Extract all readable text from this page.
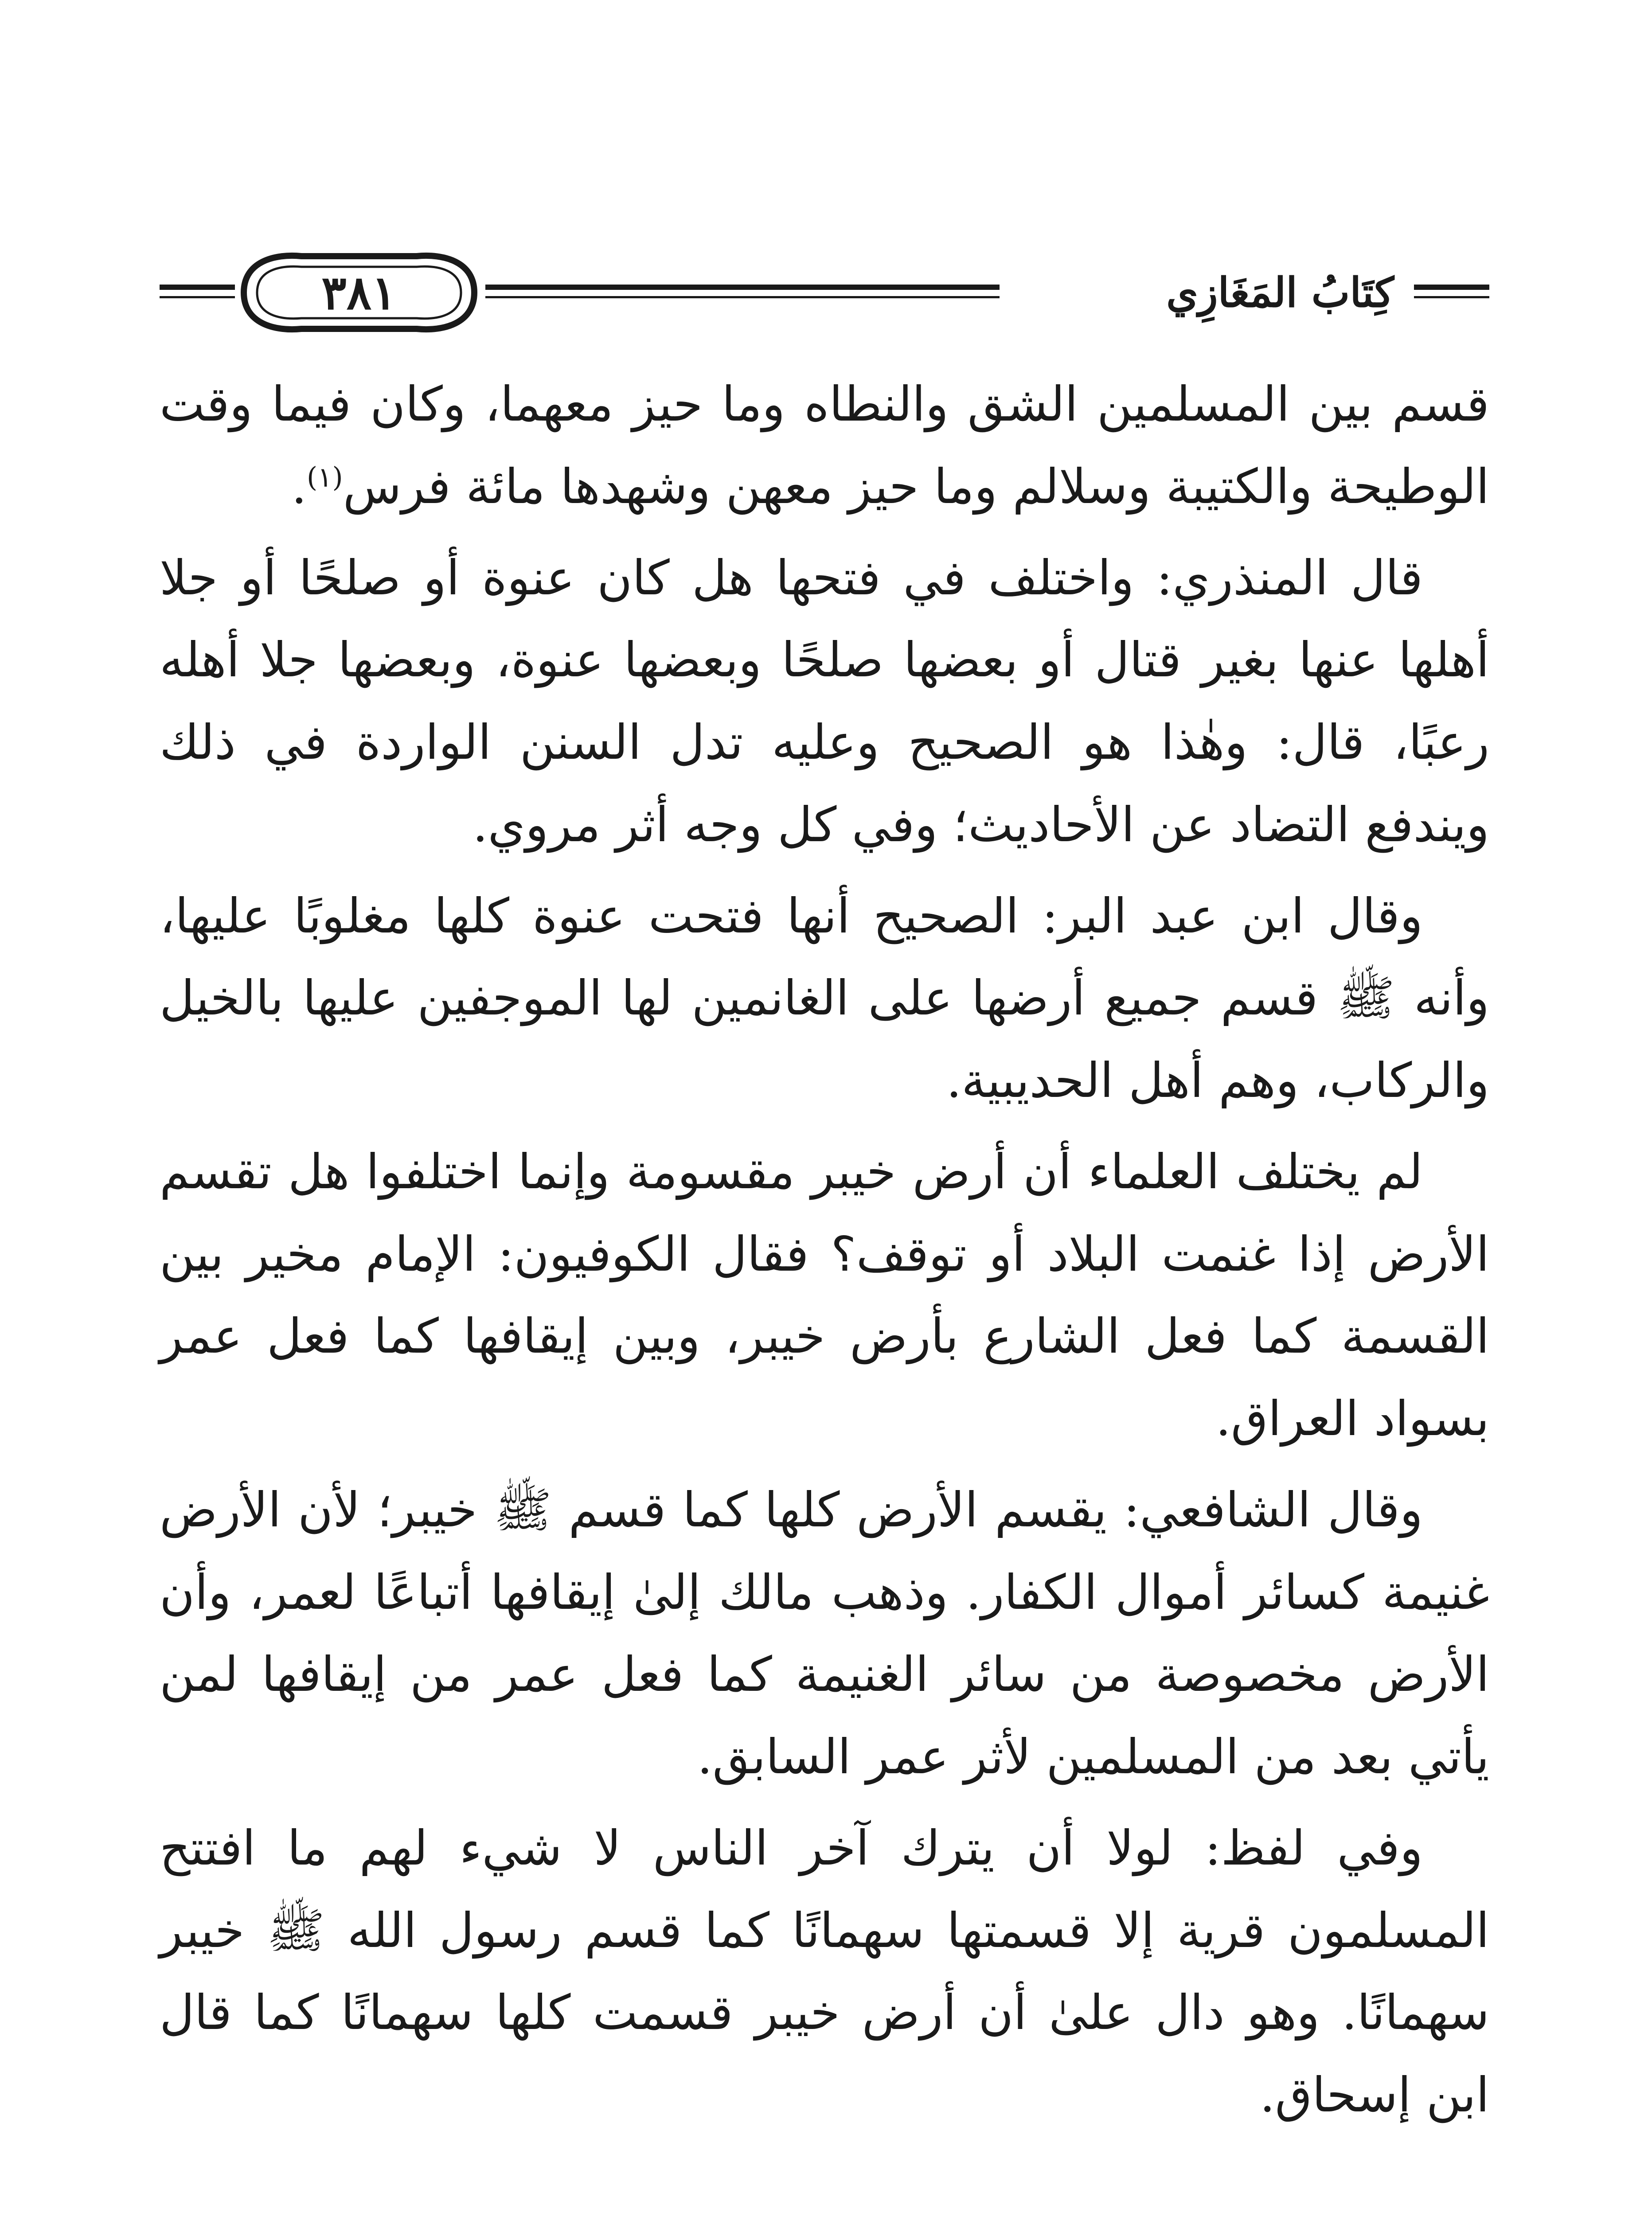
٣٨١	كِتَابُ المَغَازِي

قسم بين المسلمين الشق والنطاه وما حيز معهما، وكان فيما وقت الوطيحة والكتيبة وسلالم وما حيز معهن وشهدها مائة فرس$^{(١)}$.

قال المنذري: واختلف في فتحها هل كان عنوة أو صلحًا أو جلا أهلها عنها بغير قتال أو بعضها صلحًا وبعضها عنوة، وبعضها جلا أهله رعبًا، قال: وهٰذا هو الصحيح وعليه تدل السنن الواردة في ذلك ويندفع التضاد عن الأحاديث؛ وفي كل وجه أثر مروي.

وقال ابن عبد البر: الصحيح أنها فتحت عنوة كلها مغلوبًا عليها، وأنه ﷺ قسم جميع أرضها على الغانمين لها الموجفين عليها بالخيل والركاب، وهم أهل الحديبية.

لم يختلف العلماء أن أرض خيبر مقسومة وإنما اختلفوا هل تقسم الأرض إذا غنمت البلاد أو توقف؟ فقال الكوفيون: الإمام مخير بين القسمة كما فعل الشارع بأرض خيبر، وبين إيقافها كما فعل عمر بسواد العراق.

وقال الشافعي: يقسم الأرض كلها كما قسم ﷺ خيبر؛ لأن الأرض غنيمة كسائر أموال الكفار. وذهب مالك إلىٰ إيقافها أتباعًا لعمر، وأن الأرض مخصوصة من سائر الغنيمة كما فعل عمر من إيقافها لمن يأتي بعد من المسلمين لأثر عمر السابق.

وفي لفظ: لولا أن يترك آخر الناس لا شيء لهم ما افتتح المسلمون قرية إلا قسمتها سهمانًا كما قسم رسول الله ﷺ خيبر سهمانًا. وهو دال علىٰ أن أرض خيبر قسمت كلها سهمانًا كما قال ابن إسحاق.
